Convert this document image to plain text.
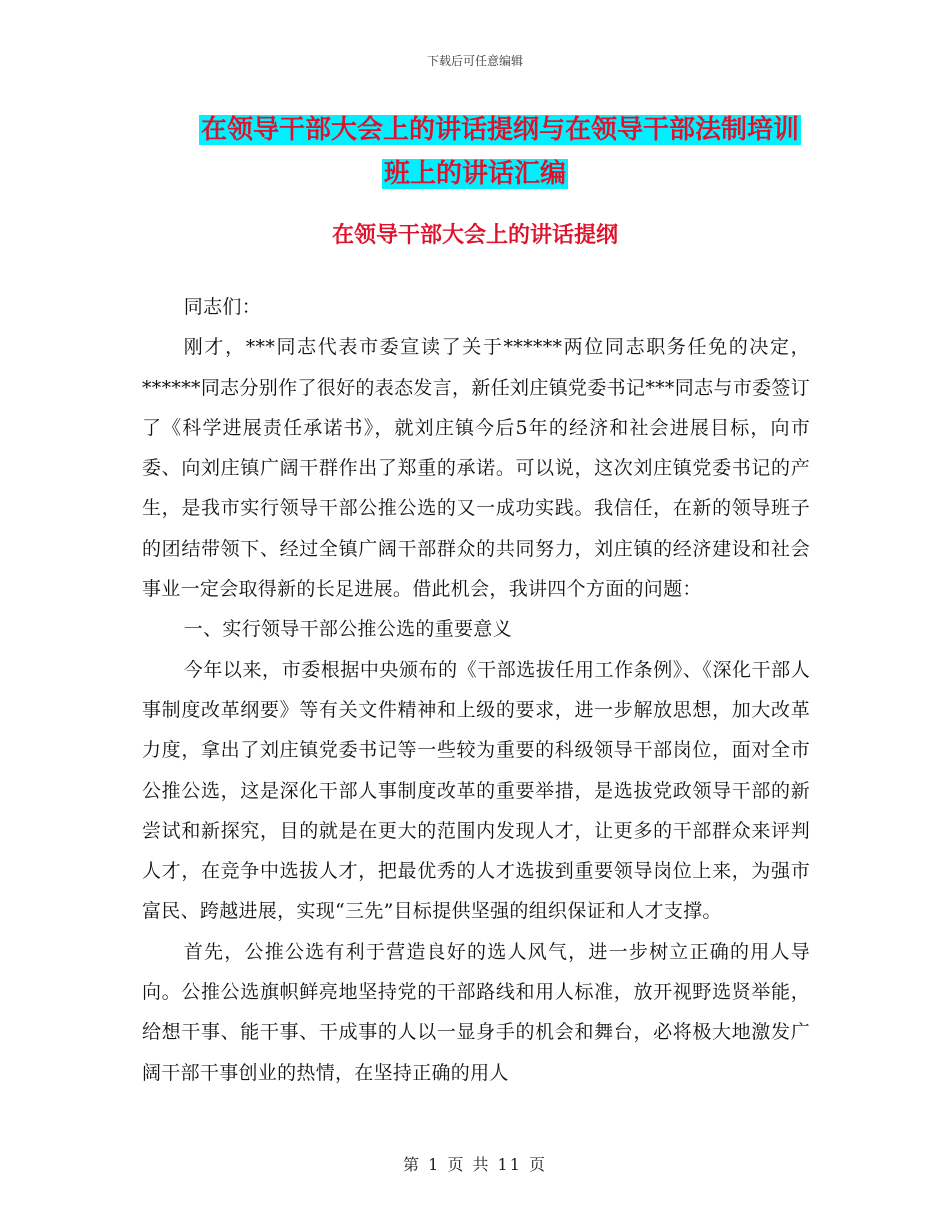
下载后可任意编辑
在领导干部大会上的讲话提纲与在领导干部法制培训
班上的讲话汇编
在领导干部大会上的讲话提纲

同志们：

刚才，***同志代表市委宣读了关于******两位同志职务任免的决定，******同志分别作了很好的表态发言，新任刘庄镇党委书记***同志与市委签订了《科学进展责任承诺书》，就刘庄镇今后5年的经济和社会进展目标，向市委、向刘庄镇广阔干群作出了郑重的承诺。可以说，这次刘庄镇党委书记的产生，是我市实行领导干部公推公选的又一成功实践。我信任，在新的领导班子的团结带领下、经过全镇广阔干部群众的共同努力，刘庄镇的经济建设和社会事业一定会取得新的长足进展。借此机会，我讲四个方面的问题：

一、实行领导干部公推公选的重要意义

今年以来，市委根据中央颁布的《干部选拔任用工作条例》、《深化干部人事制度改革纲要》等有关文件精神和上级的要求，进一步解放思想，加大改革力度，拿出了刘庄镇党委书记等一些较为重要的科级领导干部岗位，面对全市公推公选，这是深化干部人事制度改革的重要举措，是选拔党政领导干部的新尝试和新探究，目的就是在更大的范围内发现人才，让更多的干部群众来评判人才，在竞争中选拔人才，把最优秀的人才选拔到重要领导岗位上来，为强市富民、跨越进展，实现“三先”目标提供坚强的组织保证和人才支撑。

首先，公推公选有利于营造良好的选人风气，进一步树立正确的用人导向。公推公选旗帜鲜亮地坚持党的干部路线和用人标准，放开视野选贤举能，给想干事、能干事、干成事的人以一显身手的机会和舞台，必将极大地激发广阔干部干事创业的热情，在坚持正确的用人

第 1 页 共 11 页
